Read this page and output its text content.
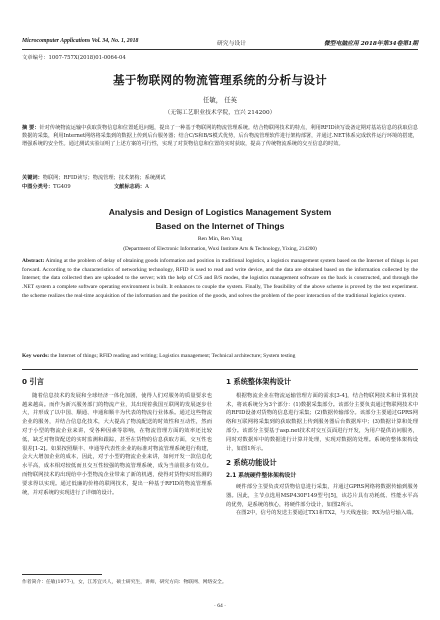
Microcomputer Applications Vol. 34, No. 1, 2018	研究与设计	微型电脑应用 2018年第34卷第1期
文章编号：1007-757X(2018)01-0064-04
基于物联网的物流管理系统的分析与设计
任敏， 任英
（无锡工艺职业技术学院，宜兴 214200）
摘 要：针对传统物流运输中获取货物信息和位置延迟问题，提出了一种基于物联网的物流管理系统。结合物联网技术的特点，利用RFID读写设备定期对基站信息的获取信息数据的采集，利用Internet网络将采集到的数据上传到后台服务器；结合C/S和B/S模式优势，后台物流管理软件进行架构部署，并通过.NET体系完成软件运行环境的搭建，增强系统的安全性。通过测试实验证明了上述方案的可行性，实现了对货物信息和位置的实时获取，提高了传统物流系统的交互信息的时效。
关键词：物联网；RFID读写；物流管理；技术架构；系统测试
中图分类号：TG409	文献标志码：A
Analysis and Design of Logistics Management System
Based on the Internet of Things
Ren Min, Ren Ying
(Department of Electronic Information, Wuxi Institute Arts & Technology, Yixing, 214200)
Abstract: Aiming at the problem of delay of obtaining goods information and position in traditional logistics, a logistics management system based on the Internet of things is put forward. According to the characteristics of networking technology, RFID is used to read and write device, and the data are obtained based on the information collected by the Internet; the data collected then are uploaded to the server; with the help of C/S and B/S modes, the logistics management software on the back is constructed, and through the .NET system a complete software operating environment is built. It enhances to couple the system. Finally, The feasibility of the above scheme is proved by the test experiment. the scheme realizes the real-time acquisition of the information and the position of the goods, and solves the problem of the poor interaction of the traditional logistics system.
Key words: the Internet of things; RFID reading and writing; Logistics management; Technical architecture; System testing
0 引言

随着信息技术的发展和全球经济一体化加剧，使得人们对服务的质量要求也越来越高。而作为新兴服务部门的物流产业，其出现着我国互联网的发展逐步壮大，并形成了以中国、顺通、申通和顺丰为代表的物流行业体系。通过这些物流企业的服务，并结合信息化技术，大大提高了物流配送的时效性和互动性，然而对于小型的物流企业来讲，受各种因素等影响，在物流管理方面的效率还比较低，缺乏对物资配送的实时监测和跟踪，甚至在货物的信息获取方面，交互性也很差[1-2]。如果按照顺丰、申通等代表性企业的标准对物流管理系统进行构建，会大大增加企业的成本，因此，对于小型的物流企业来讲，如何开发一款信息化水平高，成本相对较低而且交互性较强的物流管理系统，成为当前很多有效点。而物联网技术的出现给中小型物流企业带来了新的机遇，使得对货物实时监测的要求得以实现。通过低廉的价格的联网技术，提出一种基于RFID的物流管理系统，并对系统的实现进行了详细的设计。

1 系统整体架构设计

根据物流企业在物流运输管理方面的需求[3-4]，结合物联网技术和计算机技术，将该系统分为3个部分：(1)数据采集部分。该部分主要负责通过物联网技术中的RFID设备对货物的信息进行采集；(2)数据传输部分。该部分主要通过GPRS网络和互联网将采集到的获取数据上传到服务器后台数据库中；(3)数据计算和处理部分。该部分主要基于asp.net技术对交互页面进行开发，为用户提供访问服务，同时对数据库中的数据进行计算并处理，实现对数据的处理。系统的整体架构设计，如图1所示。

2 系统功能设计
2.1 系统硬件整体架构设计

硬件部分主要负责对货物信息进行采集，并通过GPRS网络将数据传输到服务器。因此，主节点选用MSP430F149型号[5]，该芯片具有功耗低、性能水平高的优势，是系统的核心，将硬件部分设计，如图2所示。

在图2中，信号的发送主要通过TX1和TX2，与天线连接；RX为信号输入端。

作者简介：任敏(1977-)，女，江苏宜兴人，硕士研究生，讲师，研究方向：物联网、网络安全。
· 64 ·
